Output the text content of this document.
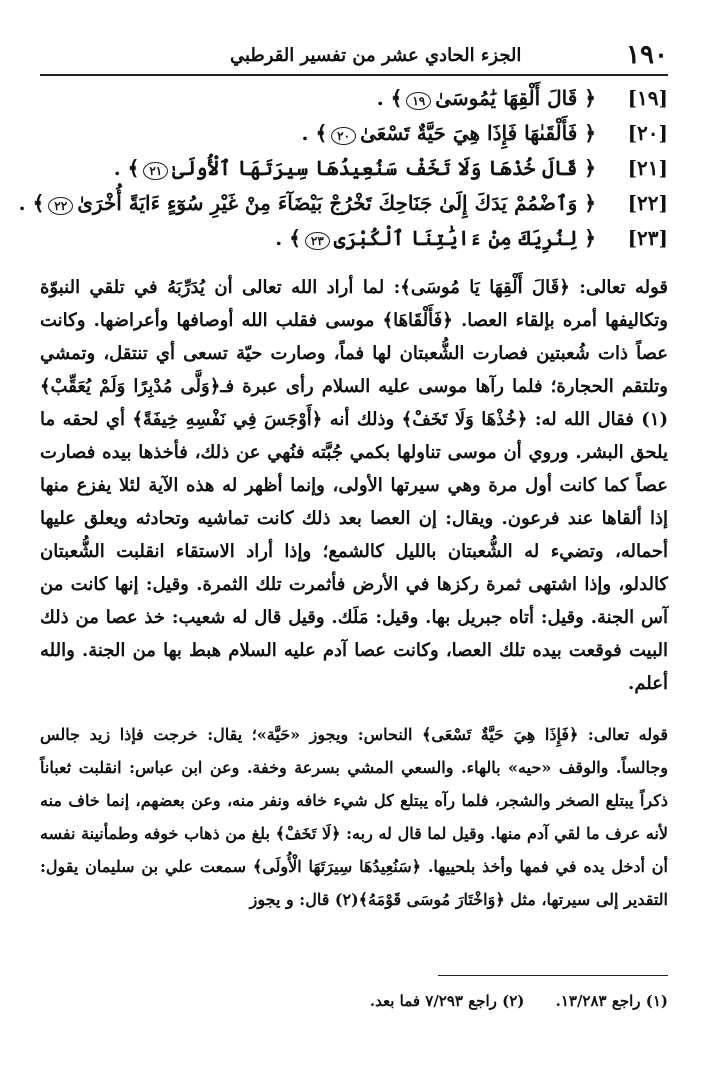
١٩٠
الجزء الحادي عشر من تفسير القرطبي
[١٩]
﴿ قَالَ أَلْقِهَا يَٰمُوسَىٰ١٩﴾ .
[٢٠]
﴿ فَأَلْقَىٰهَا فَإِذَا هِيَ حَيَّةٌ تَسْعَىٰ٢٠﴾ .
[٢١]
﴿ قَالَ خُذْهَا وَلَا تَخَفْ سَنُعِيدُهَا سِيرَتَهَا ٱلْأُولَىٰ٢١﴾ .
[٢٢]
﴿ وَٱضْمُمْ يَدَكَ إِلَىٰ جَنَاحِكَ تَخْرُجْ بَيْضَآءَ مِنْ غَيْرِ سُوٓءٍ ءَايَةً أُخْرَىٰ٢٢﴾ .
[٢٣]
﴿ لِنُرِيَكَ مِنْ ءَايَٰتِنَا ٱلْكُبْرَى٢٣﴾ .

قوله تعالى: ﴿قَالَ أَلْقِهَا يَا مُوسَى﴾: لما أراد الله تعالى أن يُدَرِّبَهُ في تلقي النبوّة وتكاليفها أمره بإلقاء العصا. ﴿فَأَلْقَاهَا﴾ موسى فقلب الله أوصافها وأعراضها. وكانت عصاً ذات شُعبتين فصارت الشُّعبتان لها فماً، وصارت حيّة تسعى أي تنتقل، وتمشي وتلتقم الحجارة؛ فلما رآها موسى عليه السلام رأى عبرة فـ﴿وَلَّى مُدْبِرًا وَلَمْ يُعَقِّبْ﴾(١) فقال الله له: ﴿خُذْهَا وَلَا تَخَفْ﴾ وذلك أنه ﴿أَوْجَسَ فِي نَفْسِهِ خِيفَةً﴾ أي لحقه ما يلحق البشر. وروي أن موسى تناولها بكمي جُبَّته فنُهي عن ذلك، فأخذها بيده فصارت عصاً كما كانت أول مرة وهي سيرتها الأولى، وإنما أظهر له هذه الآية لئلا يفزع منها إذا ألقاها عند فرعون. ويقال: إن العصا بعد ذلك كانت تماشيه وتحادثه ويعلق عليها أحماله، وتضيء له الشُّعبتان بالليل كالشمع؛ وإذا أراد الاستقاء انقلبت الشُّعبتان كالدلو، وإذا اشتهى ثمرة ركزها في الأرض فأثمرت تلك الثمرة. وقيل: إنها كانت من آس الجنة. وقيل: أتاه جبريل بها. وقيل: مَلَك. وقيل قال له شعيب: خذ عصا من ذلك البيت فوقعت بيده تلك العصا، وكانت عصا آدم عليه السلام هبط بها من الجنة. والله أعلم.

قوله تعالى: ﴿فَإِذَا هِيَ حَيَّةٌ تَسْعَى﴾ النحاس: ويجوز «حَيَّة»؛ يقال: خرجت فإذا زيد جالس وجالساً. والوقف «حيه» بالهاء. والسعي المشي بسرعة وخفة. وعن ابن عباس: انقلبت ثعباناً ذكراً يبتلع الصخر والشجر، فلما رآه يبتلع كل شيء خافه ونفر منه، وعن بعضهم، إنما خاف منه لأنه عرف ما لقي آدم منها. وقيل لما قال له ربه: ﴿لَا تَخَفْ﴾ بلغ من ذهاب خوفه وطمأنينة نفسه أن أدخل يده في فمها وأخذ بلحييها. ﴿سَنُعِيدُهَا سِيرَتَهَا الْأُولَى﴾ سمعت علي بن سليمان يقول: التقدير إلى سيرتها، مثل ﴿وَاخْتَارَ مُوسَى قَوْمَهُ﴾(٢) قال: و يجوز

(١) راجع ١٣/٢٨٣. (٢) راجع ٧/٢٩٣ فما بعد.
